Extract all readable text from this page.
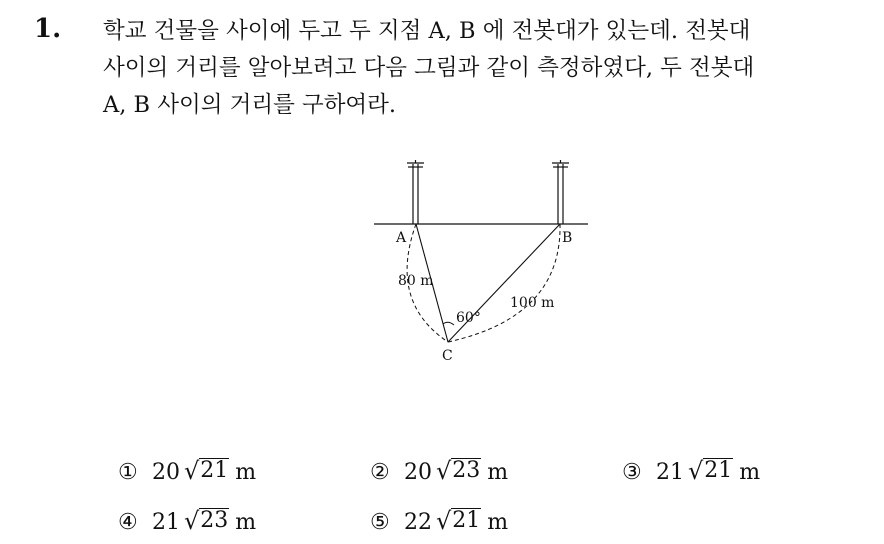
1. 학교 건물을 사이에 두고 두 지점 A, B 에 전봇대가 있는데. 전봇대
사이의 거리를 알아보려고 다음 그림과 같이 측정하였다, 두 전봇대
A, B 사이의 거리를 구하여라.
A	B
C
80 m
100 m
60°
① 20 √ 21 m	② 20 √ 23 m	③ 21 √ 21 m
④ 21 √ 23 m	⑤ 22 √ 21 m
